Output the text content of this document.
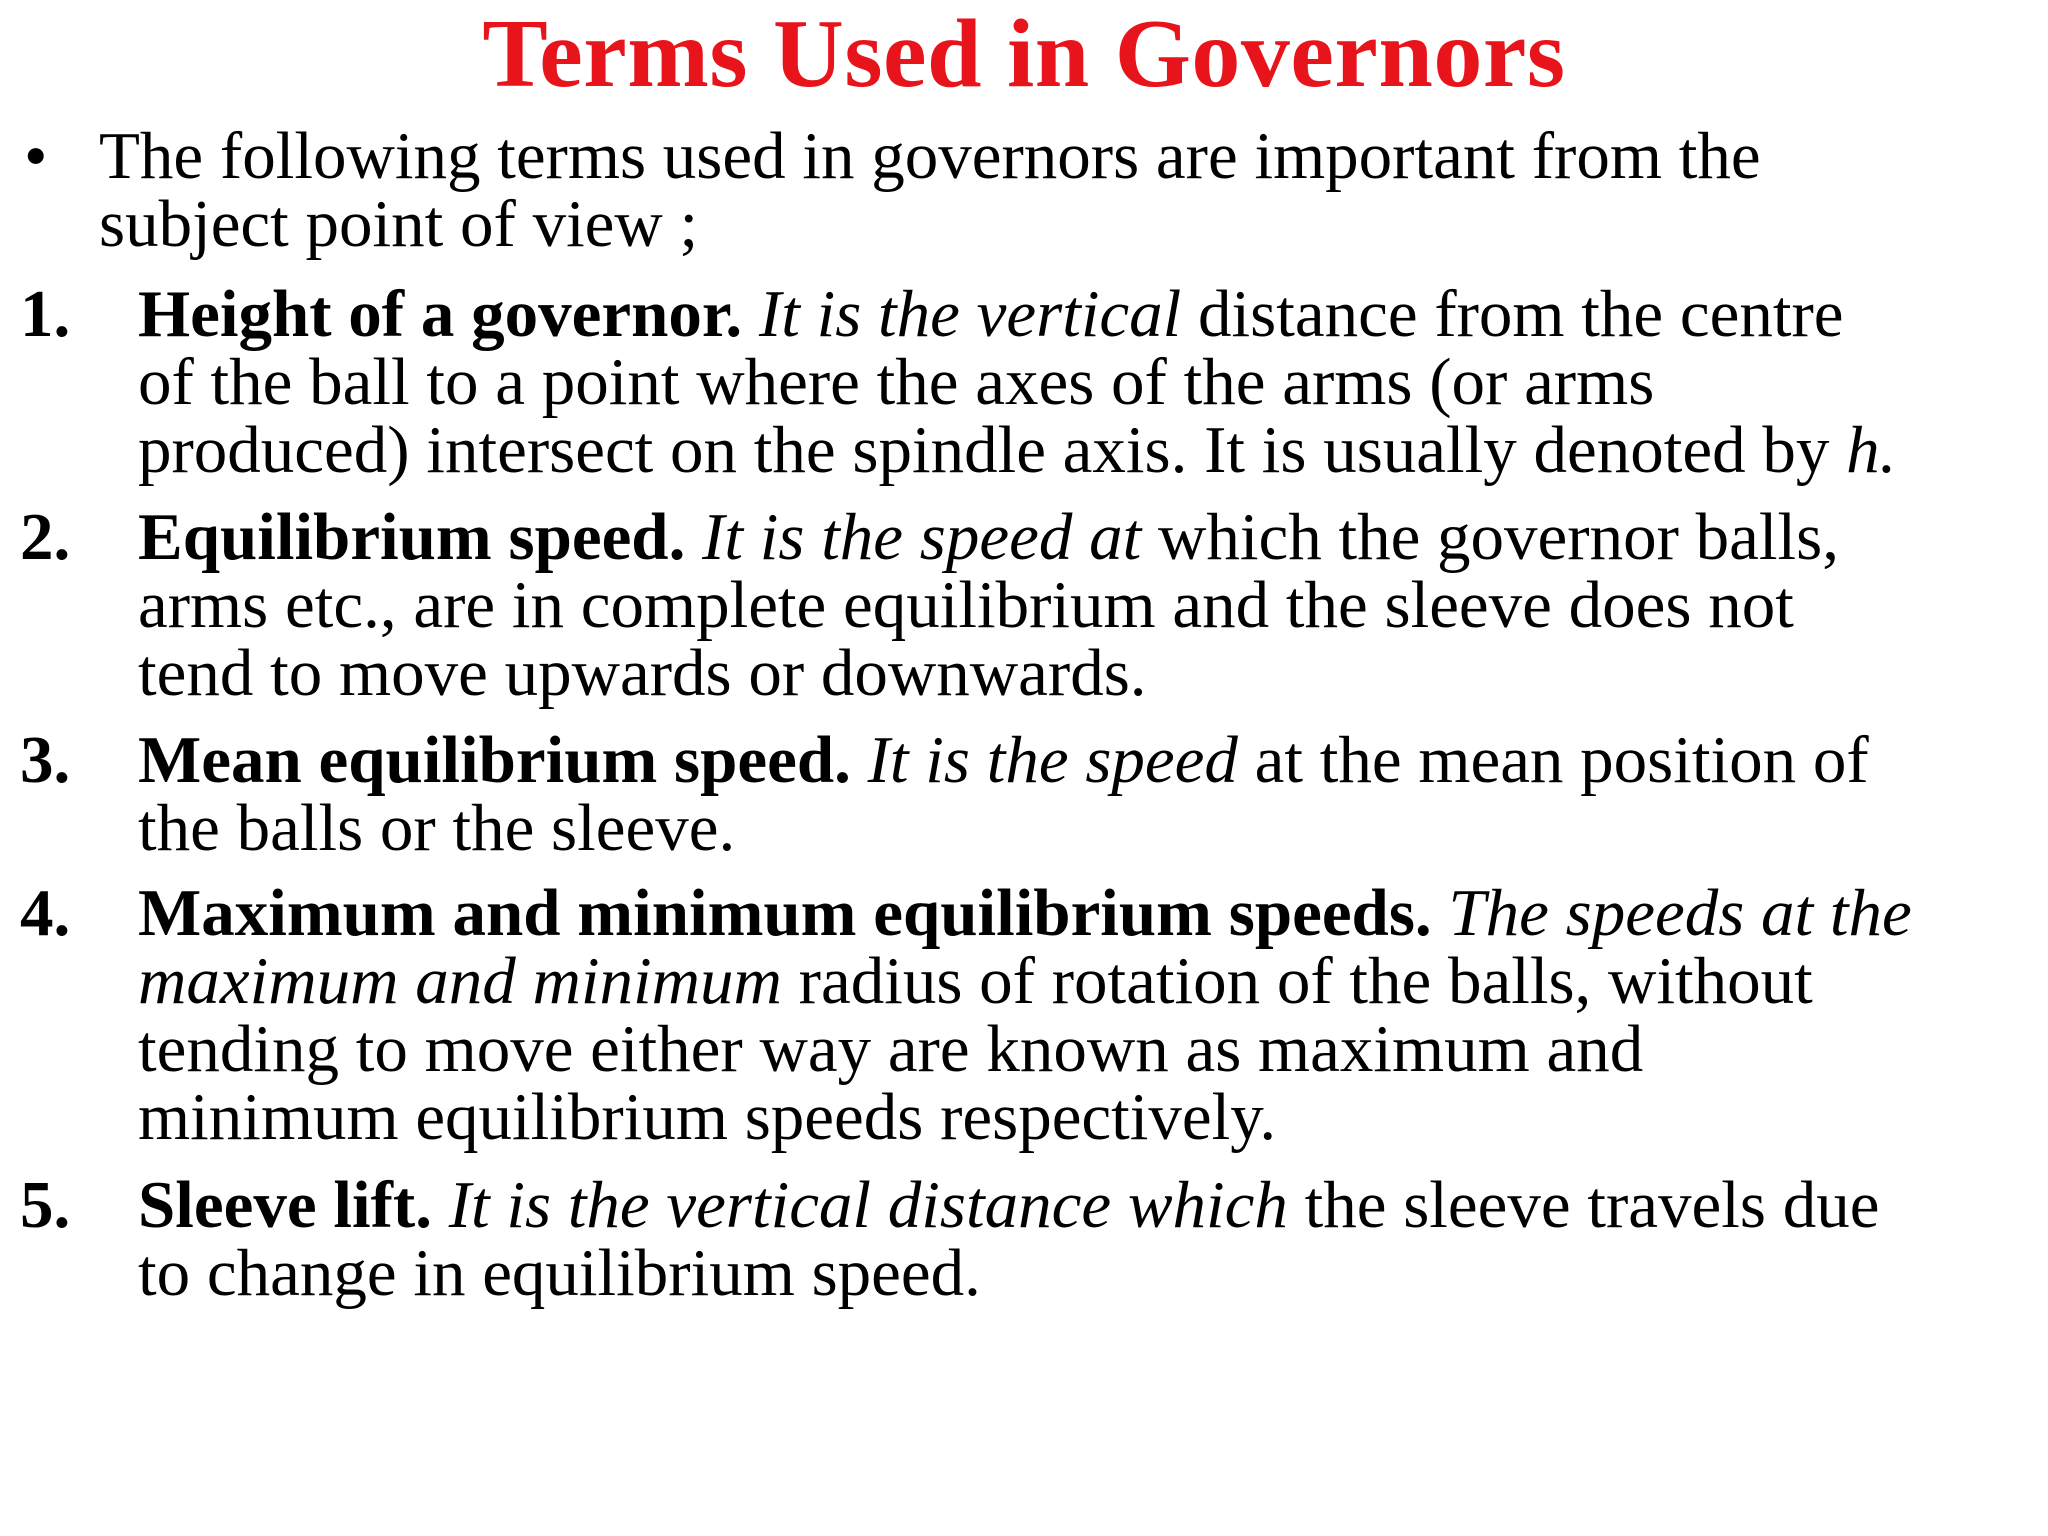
Terms Used in Governors
• The following terms used in governors are important from the
subject point of view ;
1. Height of a governor. It is the vertical distance from the centre
of the ball to a point where the axes of the arms (or arms
produced) intersect on the spindle axis. It is usually denoted by h.
2. Equilibrium speed. It is the speed at which the governor balls,
arms etc., are in complete equilibrium and the sleeve does not
tend to move upwards or downwards.
3. Mean equilibrium speed. It is the speed at the mean position of
the balls or the sleeve.
4. Maximum and minimum equilibrium speeds. The speeds at the
maximum and minimum radius of rotation of the balls, without
tending to move either way are known as maximum and
minimum equilibrium speeds respectively.
5. Sleeve lift. It is the vertical distance which the sleeve travels due
to change in equilibrium speed.
